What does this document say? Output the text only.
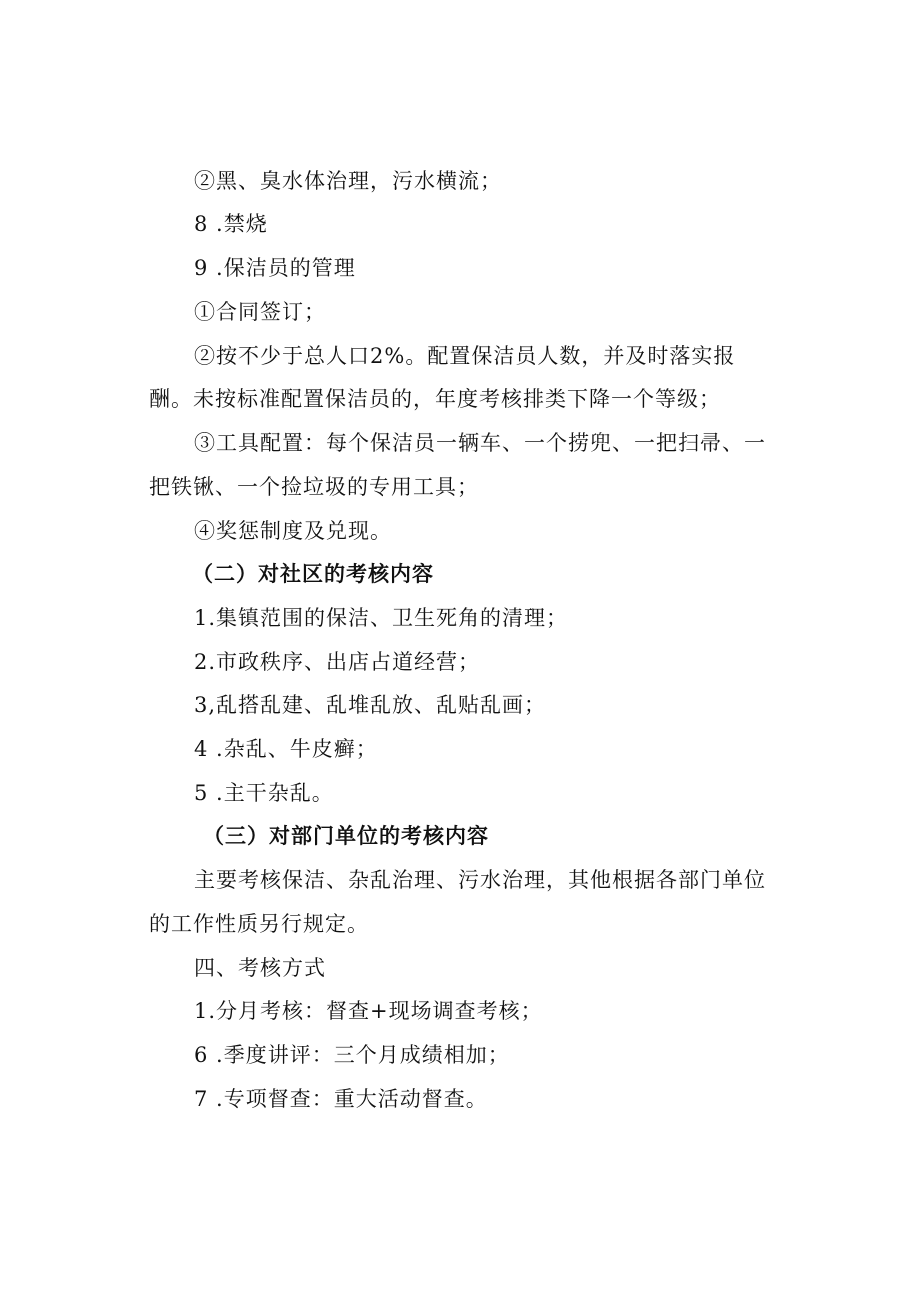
②黑、臭水体治理，污水横流；
8 .禁烧
9 .保洁员的管理
①合同签订；
②按不少于总人口2%。配置保洁员人数，并及时落实报
酬。未按标准配置保洁员的，年度考核排类下降一个等级；
③工具配置：每个保洁员一辆车、一个捞兜、一把扫帚、一
把铁锹、一个捡垃圾的专用工具；
④奖惩制度及兑现。
（二）对社区的考核内容
1.集镇范围的保洁、卫生死角的清理；
2.市政秩序、出店占道经营；
3,乱搭乱建、乱堆乱放、乱贴乱画；
4 .杂乱、牛皮癣；
5 .主干杂乱。
（三）对部门单位的考核内容
主要考核保洁、杂乱治理、污水治理，其他根据各部门单位
的工作性质另行规定。
四、考核方式
1.分月考核：督查+现场调查考核；
6 .季度讲评：三个月成绩相加；
7 .专项督查：重大活动督查。
